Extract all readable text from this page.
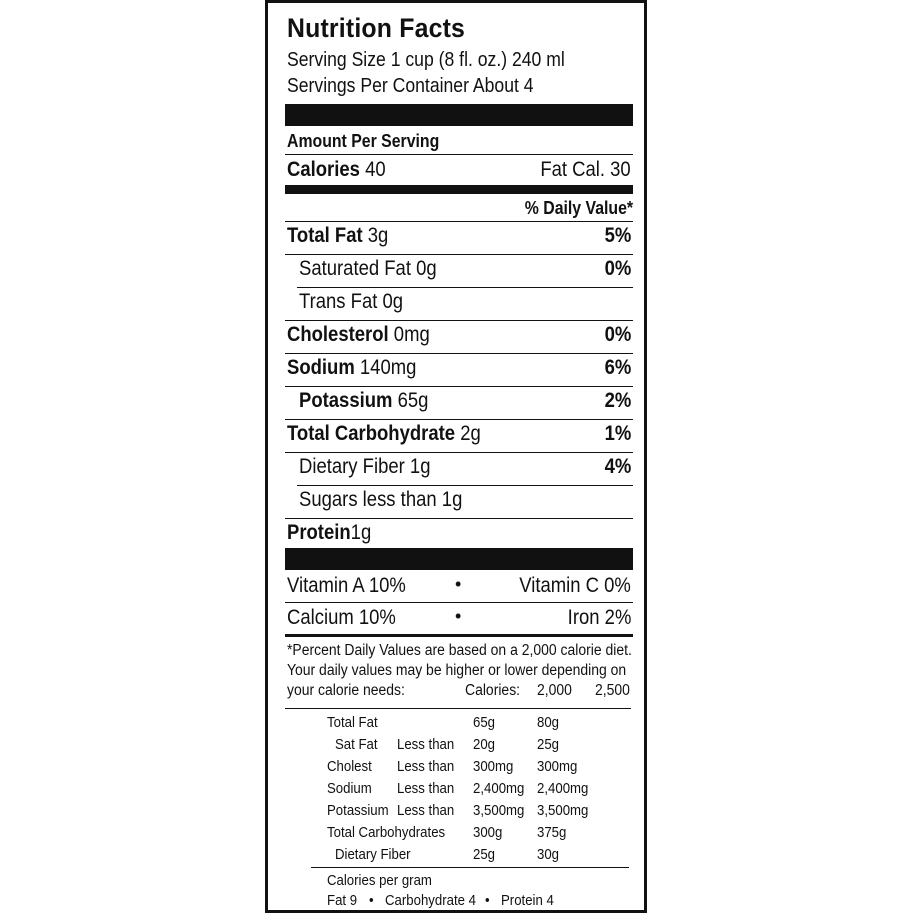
Nutrition Facts
Serving Size 1 cup (8 fl. oz.) 240 ml
Servings Per Container About 4
Amount Per Serving
Calories 40	Fat Cal. 30
% Daily Value*
Total Fat 3g	5%
Saturated Fat 0g	0%
Trans Fat 0g
Cholesterol 0mg	0%
Sodium 140mg	6%
Potassium 65g	2%
Total Carbohydrate 2g	1%
Dietary Fiber 1g	4%
Sugars less than 1g
Protein1g
Vitamin A 10%	•	Vitamin C 0%
Calcium 10%	•	Iron 2%
*Percent Daily Values are based on a 2,000 calorie diet.
Your daily values may be higher or lower depending on
your calorie needs:	Calories: 2,000 2,500
Total Fat	65g	80g
Sat Fat Less than 20g	25g
Cholest Less than 300mg 300mg
Sodium Less than 2,400mg 2,400mg
Potassium Less than 3,500mg 3,500mg
Total Carbohydrates 300g 375g
Dietary Fiber	25g	30g
Calories per gram
Fat 9 • Carbohydrate 4 • Protein 4
